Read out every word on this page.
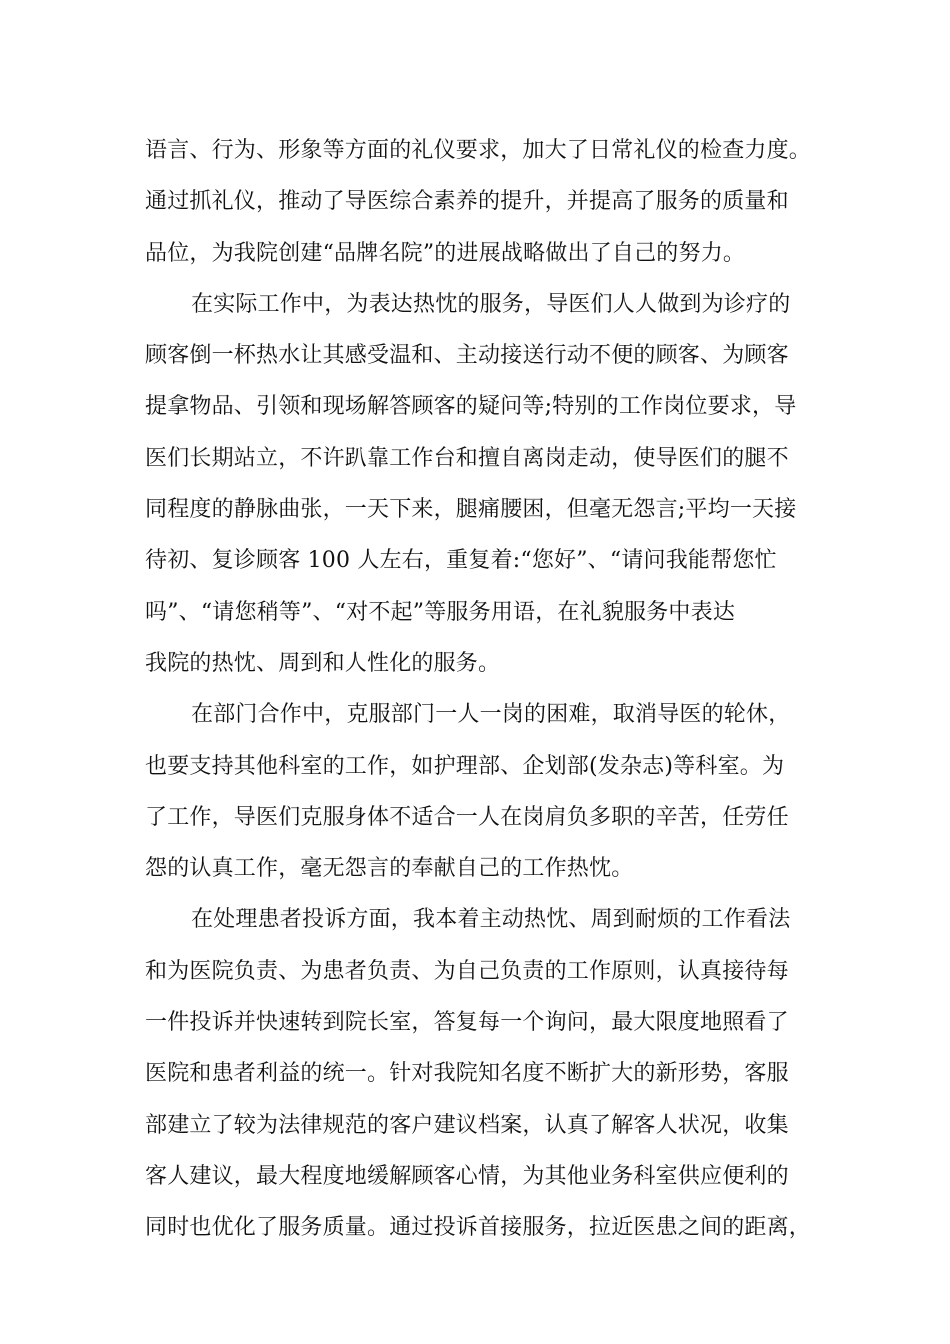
语言、行为、形象等方面的礼仪要求，加大了日常礼仪的检查力度。
通过抓礼仪，推动了导医综合素养的提升，并提高了服务的质量和
品位，为我院创建“品牌名院”的进展战略做出了自己的努力。
在实际工作中，为表达热忱的服务，导医们人人做到为诊疗的
顾客倒一杯热水让其感受温和、主动接送行动不便的顾客、为顾客
提拿物品、引领和现场解答顾客的疑问等;特别的工作岗位要求，导
医们长期站立，不许趴靠工作台和擅自离岗走动，使导医们的腿不
同程度的静脉曲张，一天下来，腿痛腰困，但毫无怨言;平均一天接
待初、复诊顾客 100 人左右，重复着:“您好”、“请问我能帮您忙
吗”、“请您稍等”、“对不起”等服务用语，在礼貌服务中表达
我院的热忱、周到和人性化的服务。
在部门合作中，克服部门一人一岗的困难，取消导医的轮休，
也要支持其他科室的工作，如护理部、企划部(发杂志)等科室。为
了工作，导医们克服身体不适合一人在岗肩负多职的辛苦，任劳任
怨的认真工作，毫无怨言的奉献自己的工作热忱。
在处理患者投诉方面，我本着主动热忱、周到耐烦的工作看法
和为医院负责、为患者负责、为自己负责的工作原则，认真接待每
一件投诉并快速转到院长室，答复每一个询问，最大限度地照看了
医院和患者利益的统一。针对我院知名度不断扩大的新形势，客服
部建立了较为法律规范的客户建议档案，认真了解客人状况，收集
客人建议，最大程度地缓解顾客心情，为其他业务科室供应便利的
同时也优化了服务质量。通过投诉首接服务，拉近医患之间的距离，
